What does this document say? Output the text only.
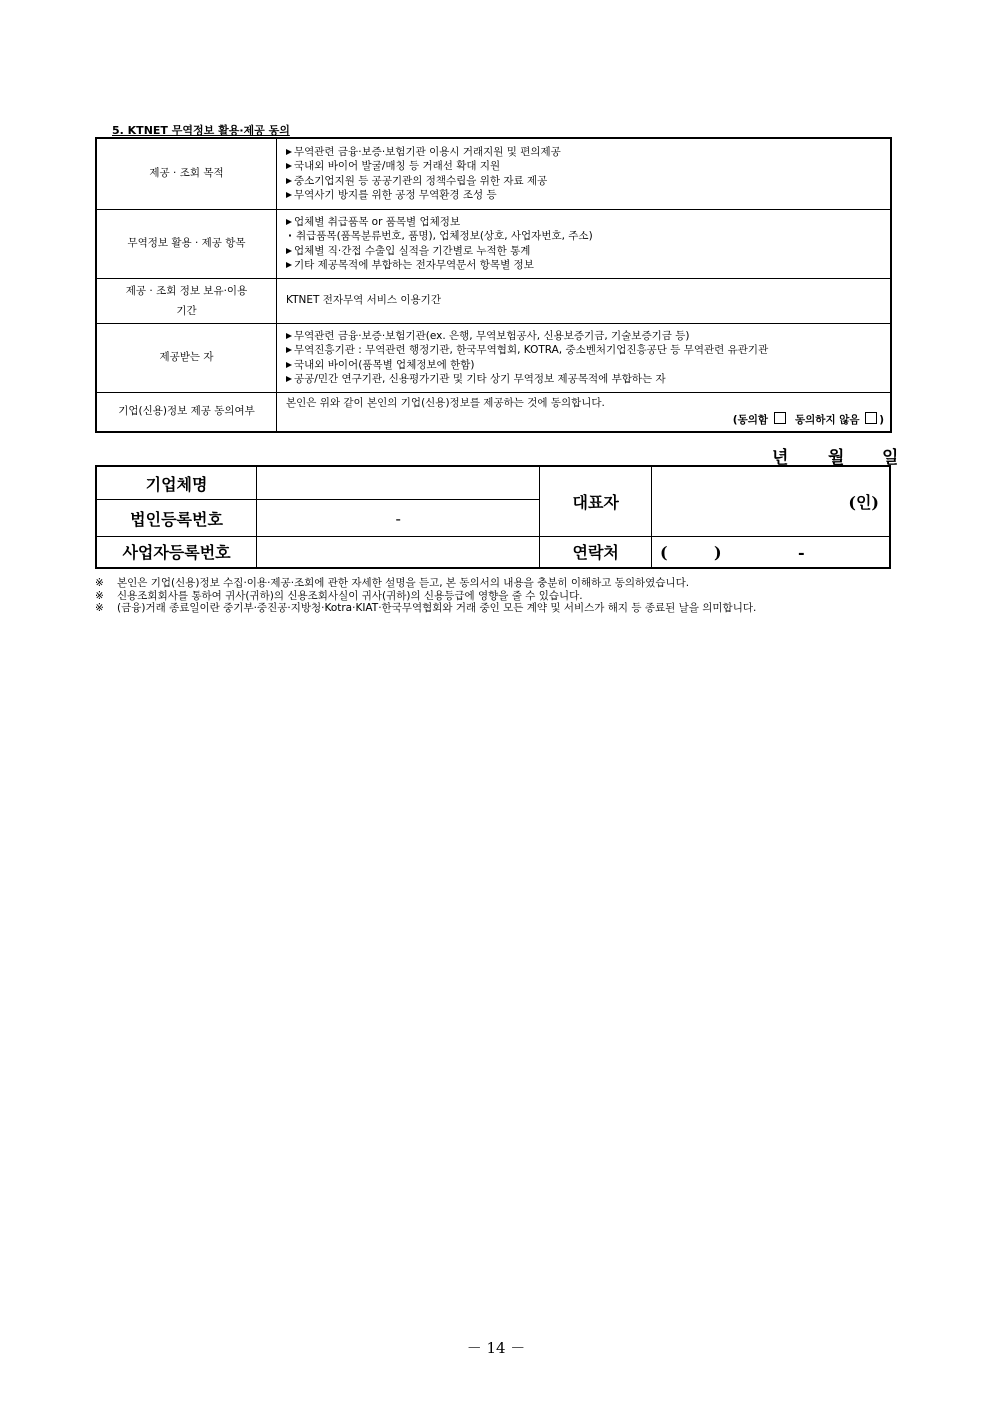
5. KTNET 무역정보 활용·제공 동의
제공 · 조회 목적	무역관련 금융·보증·보험기관 이용시 거래지원 및 편의제공
국내외 바이어 발굴/매칭 등 거래선 확대 지원
중소기업지원 등 공공기관의 정책수립을 위한 자료 제공
무역사기 방지를 위한 공정 무역환경 조성 등

무역정보 활용 · 제공 항목	업체별 취급품목 or 품목별 업체정보
· 취급품목(품목분류번호, 품명), 업체정보(상호, 사업자번호, 주소)
업체별 직·간접 수출입 실적을 기간별로 누적한 통계
기타 제공목적에 부합하는 전자무역문서 항목별 정보

제공 · 조회 정보 보유·이용
기간	KTNET 전자무역 서비스 이용기간
제공받는 자	무역관련 금융·보증·보험기관(ex. 은행, 무역보험공사, 신용보증기금, 기술보증기금 등)
무역진흥기관 : 무역관련 행정기관, 한국무역협회, KOTRA, 중소벤처기업진흥공단 등 무역관련 유관기관
국내외 바이어(품목별 업체정보에 한함)
공공/민간 연구기관, 신용평가기관 및 기타 상기 무역정보 제공목적에 부합하는 자

기업(신용)정보 제공 동의여부	본인은 위와 같이 본인의 기업(신용)정보를 제공하는 것에 동의합니다.
(동의함 동의하지 않음 )
년 월 일
기업체명		대표자	(인)
법인등록번호	-		
사업자등록번호		연락처	( ) -
※	본인은 기업(신용)정보 수집·이용·제공·조회에 관한 자세한 설명을 듣고, 본 동의서의 내용을 충분히 이해하고 동의하였습니다.
※	신용조회회사를 통하여 귀사(귀하)의 신용조회사실이 귀사(귀하)의 신용등급에 영향을 줄 수 있습니다.
※	(금융)거래 종료일이란 중기부·중진공·지방청·Kotra·KIAT·한국무역협회와 거래 중인 모든 계약 및 서비스가 해지 등 종료된 날을 의미합니다.
－ 14 －
